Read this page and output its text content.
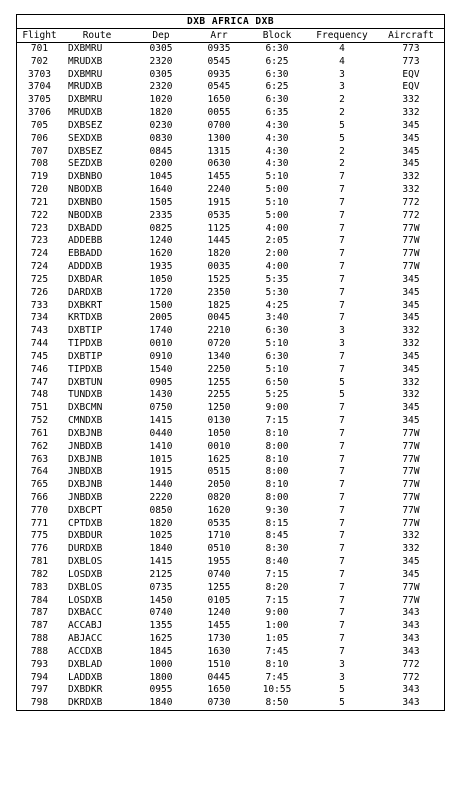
DXB AFRICA DXB						
Flight	Route	Dep	Arr	Block	Frequency	Aircraft
701	DXBMRU	0305	0935	6:30	4	773
702	MRUDXB	2320	0545	6:25	4	773
3703	DXBMRU	0305	0935	6:30	3	EQV
3704	MRUDXB	2320	0545	6:25	3	EQV
3705	DXBMRU	1020	1650	6:30	2	332
3706	MRUDXB	1820	0055	6:35	2	332
705	DXBSEZ	0230	0700	4:30	5	345
706	SEXDXB	0830	1300	4:30	5	345
707	DXBSEZ	0845	1315	4:30	2	345
708	SEZDXB	0200	0630	4:30	2	345
719	DXBNBO	1045	1455	5:10	7	332
720	NBODXB	1640	2240	5:00	7	332
721	DXBNBO	1505	1915	5:10	7	772
722	NBODXB	2335	0535	5:00	7	772
723	DXBADD	0825	1125	4:00	7	77W
723	ADDEBB	1240	1445	2:05	7	77W
724	EBBADD	1620	1820	2:00	7	77W
724	ADDDXB	1935	0035	4:00	7	77W
725	DXBDAR	1050	1525	5:35	7	345
726	DARDXB	1720	2350	5:30	7	345
733	DXBKRT	1500	1825	4:25	7	345
734	KRTDXB	2005	0045	3:40	7	345
743	DXBTIP	1740	2210	6:30	3	332
744	TIPDXB	0010	0720	5:10	3	332
745	DXBTIP	0910	1340	6:30	7	345
746	TIPDXB	1540	2250	5:10	7	345
747	DXBTUN	0905	1255	6:50	5	332
748	TUNDXB	1430	2255	5:25	5	332
751	DXBCMN	0750	1250	9:00	7	345
752	CMNDXB	1415	0130	7:15	7	345
761	DXBJNB	0440	1050	8:10	7	77W
762	JNBDXB	1410	0010	8:00	7	77W
763	DXBJNB	1015	1625	8:10	7	77W
764	JNBDXB	1915	0515	8:00	7	77W
765	DXBJNB	1440	2050	8:10	7	77W
766	JNBDXB	2220	0820	8:00	7	77W
770	DXBCPT	0850	1620	9:30	7	77W
771	CPTDXB	1820	0535	8:15	7	77W
775	DXBDUR	1025	1710	8:45	7	332
776	DURDXB	1840	0510	8:30	7	332
781	DXBLOS	1415	1955	8:40	7	345
782	LOSDXB	2125	0740	7:15	7	345
783	DXBLOS	0735	1255	8:20	7	77W
784	LOSDXB	1450	0105	7:15	7	77W
787	DXBACC	0740	1240	9:00	7	343
787	ACCABJ	1355	1455	1:00	7	343
788	ABJACC	1625	1730	1:05	7	343
788	ACCDXB	1845	1630	7:45	7	343
793	DXBLAD	1000	1510	8:10	3	772
794	LADDXB	1800	0445	7:45	3	772
797	DXBDKR	0955	1650	10:55	5	343
798	DKRDXB	1840	0730	8:50	5	343
